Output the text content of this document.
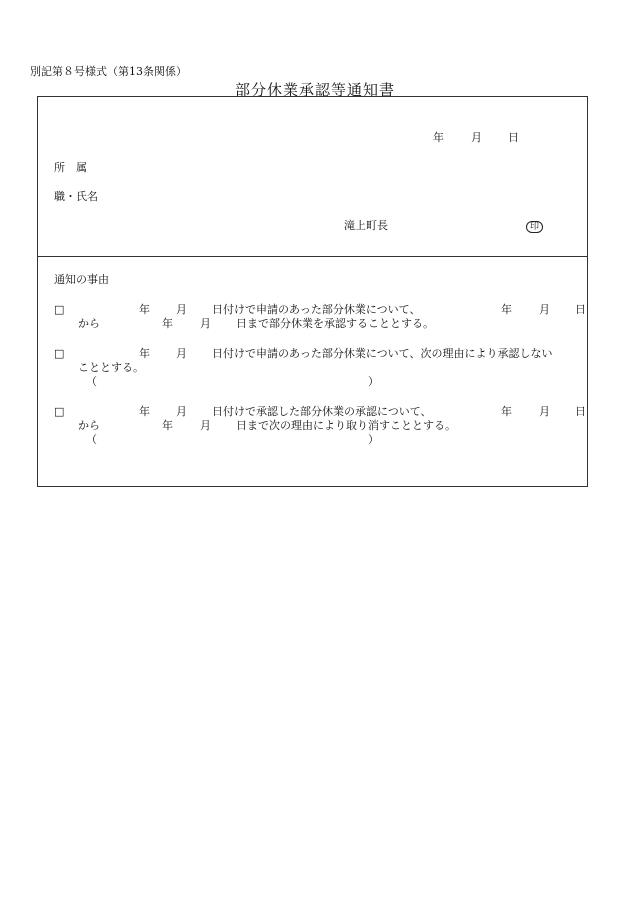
別記第８号様式（第13条関係）
部分休業承認等通知書
年 月 日
所　属
職・氏名
滝上町長	印
通知の事由
□	年 月 日付けで申請のあった部分休業について、	年 月 日
から	年 月 日まで部分休業を承認することとする。
□	年 月 日付けで申請のあった部分休業について、次の理由により承認しない
こととする。
（	）
□	年 月 日付けで承認した部分休業の承認について、	年 月 日
から	年 月 日まで次の理由により取り消すこととする。
（	）
